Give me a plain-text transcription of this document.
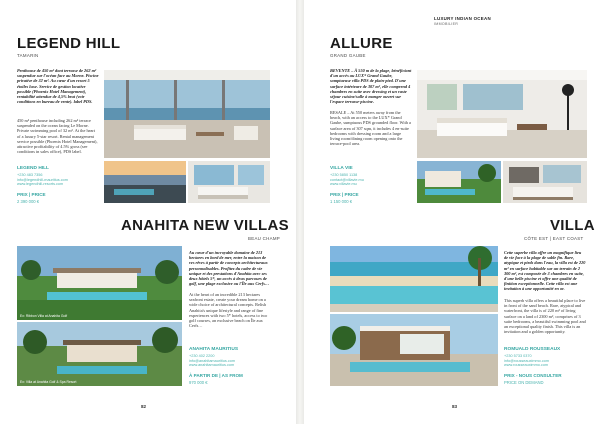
LEGEND HILL
TAMARIN
Penthouse de 450 m² dont terrasse de 262 m² suspendue sur l'océan face au Morne. Piscine privative de 32 m². Au cœur d'un resort 5 étoiles luxe. Service de gestion locative possible (Phoenix Hotel Management), rentabilité attendue de 4,5% brut (voir conditions en bureau de vente). label PDS.
450 m² penthouse including 262 m² terrace suspended on the ocean facing Le Morne. Private swimming pool of 32 m². At the heart of a luxury 5-star resort. Rental management service possible (Phoenix Hotel Management), attractive profitability of 4.5% gross (see conditions in sales office), PDS label.
LEGEND HILL
+230 483 7356
info@legendhill-mauritius.com
www.legendhill-resorts.com
PRIX | PRICE
2 390 000 €
ANAHITA NEW VILLAS
BEAU CHAMP
Ex: Ribbon Villa at Anahita Golf
Ex: Villa at Anahita Golf & Spa Resort
Au cœur d'un incroyable domaine de 213 hectares en bord de mer, entre la maison de ves rêves à partir de concepts architecturaux personnalisables. Profitez du cadre de vie unique et des prestations d'Anahita avec ses deux hôtels 5*, un accès à deux parcours de golf, une plage exclusive ou l'Île aux Cerfs…
At the heart of an incredible 213 hectares seafront estate, create your dream home on a wide choice of architectural concepts. Relish Anahita's unique lifestyle and range of fine experiences with two 5* hotels, access to two golf courses, an exclusive beach on Île aux Cerfs…
ANAHITA MAURITIUS
+230 402 2200
info@anahitamauritius.com
www.anahitamauritius.com
À PARTIR DE | AS FROM
970 000 €
82
LUXURY INDIAN OCEAN
IMMOBILIER
ALLURE
GRAND GAUBE
BEVENTE – À 550 m de la plage, bénéficiant d'un accès au LUX* Grand Gaube, somptueuse villa PDS de plain-pied. D'une surface intérieure de 307 m², elle comprend 4 chambres en suite avec dressing et un vaste séjour cuisine/salle à manger ouvert sur l'espace terrasse-piscine.
RESALE – At 550 meters away from the beach, with an access to the LUX* Grand Gaube, sumptuous PDS grounded floor. With a surface area of 307 sqm, it includes 4 en-suite bedrooms with dressing room and a large living room/dining room opening onto the terrace-pool area.
VILLA VIE
+230 5850 1138
contact@villavie.mu
www.villavie.mu
PRIX | PRICE
1 150 000 €
VILLA
CÔTE EST | EAST COAST
Cette superbe villa offre un magnifique lieu de vie face à la plage de sable fin. Rare, atypique et pieds dans l'eau, la villa est de 220 m² en surface habitable sur un terrain de 2 300 m², est composée de 3 chambres en suite, d'une belle piscine et offre une qualité de finition exceptionnelle. Cette villa est une invitation à une opportunité en or.
This superb villa offers a beautiful place to live in front of the sand beach. Rare, atypical and waterfront, the villa is of 220 m² of living surface on a land of 2300 m², comprises of 3 suite bedrooms, a beautiful swimming pool and an exceptional quality finish. This villa is an invitation and a golden opportunity.
ROMUALD ROUSSEAUX
+230 5733 0370
info@rousseauximmo.com
www.rousseauximmo.com
PRIX - NOUS CONSULTER
PRICE ON DEMAND
83
